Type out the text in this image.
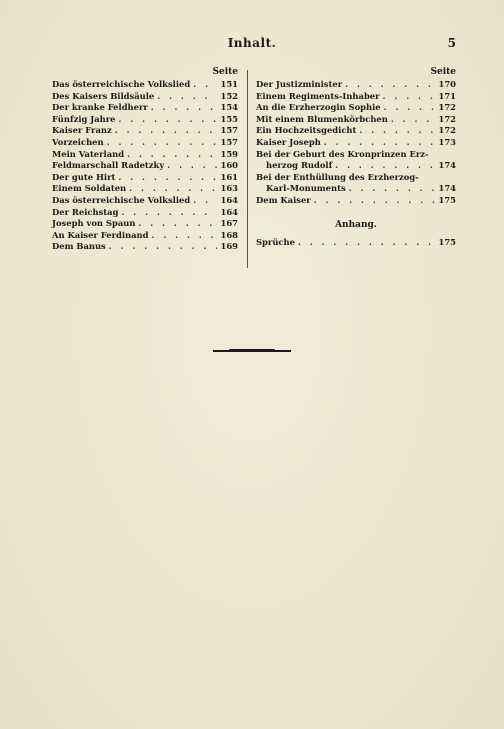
Inhalt.	5
Seite
Das österreichische Volkslied . . .	151
Des Kaisers Bildsäule . . .	152
Der kranke Feldherr . . .	154
Fünfzig Jahre . . .	155
Kaiser Franz . . .	157
Vorzeichen . . .	157
Mein Vaterland . . .	159
Feldmarschall Radetzky . . .	160
Der gute Hirt . . .	161
Einem Soldaten . . .	163
Das österreichische Volkslied . . .	164
Der Reichstag . . .	164
Joseph von Spaun . . .	167
An Kaiser Ferdinand . . .	168
Dem Banus . . .	169
Seite
Der Justizminister . . .	170
Einem Regiments-Inhaber . . .	171
An die Erzherzogin Sophie . . .	172
Mit einem Blumenkörbchen . . .	172
Ein Hochzeitsgedicht . . .	172
Kaiser Joseph . . .	173
Bei der Geburt des Kronprinzen Erz-
herzog Rudolf . . .	174
Bei der Enthüllung des Erzherzog-
Karl-Monuments . . .	174
Dem Kaiser . . .	175
Anhang.
Sprüche . . .	175
